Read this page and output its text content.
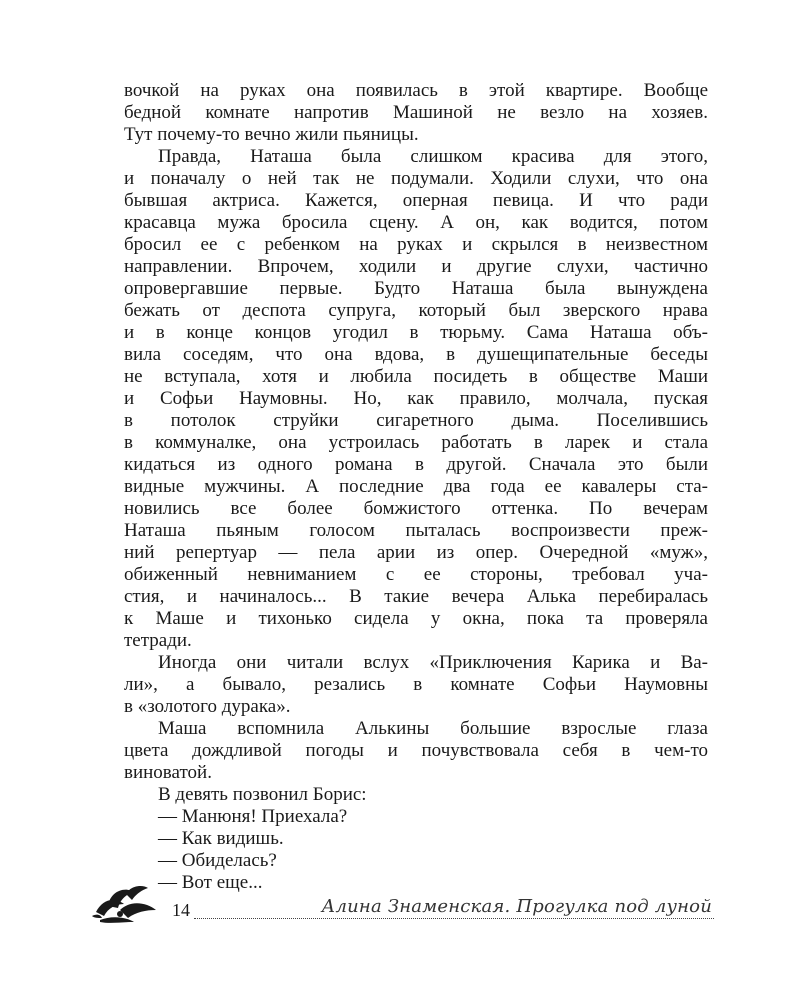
вочкой на руках она появилась в этой квартире. Вообще
бедной комнате напротив Машиной не везло на хозяев.
Тут почему-то вечно жили пьяницы.
Правда, Наташа была слишком красива для этого,
и поначалу о ней так не подумали. Ходили слухи, что она
бывшая актриса. Кажется, оперная певица. И что ради
красавца мужа бросила сцену. А он, как водится, потом
бросил ее с ребенком на руках и скрылся в неизвестном
направлении. Впрочем, ходили и другие слухи, частично
опровергавшие первые. Будто Наташа была вынуждена
бежать от деспота супруга, который был зверского нрава
и в конце концов угодил в тюрьму. Сама Наташа объ-
вила соседям, что она вдова, в душещипательные беседы
не вступала, хотя и любила посидеть в обществе Маши
и Софьи Наумовны. Но, как правило, молчала, пуская
в потолок струйки сигаретного дыма. Поселившись
в коммуналке, она устроилась работать в ларек и стала
кидаться из одного романа в другой. Сначала это были
видные мужчины. А последние два года ее кавалеры ста-
новились все более бомжистого оттенка. По вечерам
Наташа пьяным голосом пыталась воспроизвести преж-
ний репертуар — пела арии из опер. Очередной «муж»,
обиженный невниманием с ее стороны, требовал уча-
стия, и начиналось... В такие вечера Алька перебиралась
к Маше и тихонько сидела у окна, пока та проверяла
тетради.
Иногда они читали вслух «Приключения Карика и Ва-
ли», а бывало, резались в комнате Софьи Наумовны
в «золотого дурака».
Маша вспомнила Алькины большие взрослые глаза
цвета дождливой погоды и почувствовала себя в чем-то
виноватой.
В девять позвонил Борис:
— Манюня! Приехала?
— Как видишь.
— Обиделась?
— Вот еще...
14	Алина Знаменская. Прогулка под луной
